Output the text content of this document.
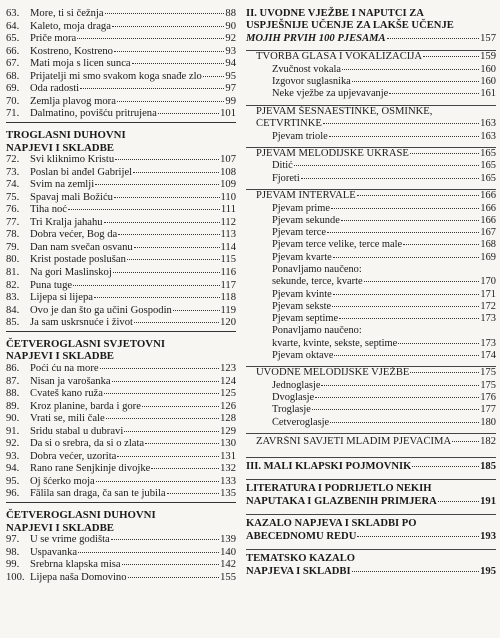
63.	More, ti si čežnja	88
64.	Kaleto, moja draga	90
65.	Priče mora	92
66.	Kostreno, Kostreno	93
67.	Mati moja s licen sunca	94
68.	Prijatelji mi smo svakom koga snađe zlo 95
69.	Oda radosti	97
70.	Zemlja plavog mora	99
71.	Dalmatino, povišću pritrujena	101
TROGLASNI DUHOVNI
NAPJEVI I SKLADBE
72.	Svi kliknimo Kristu	107
73.	Poslan bi anđel Gabrijel	108
74.	Svim na zemlji	109
75.	Spavaj mali Božiću	110
76.	Tiha noć	111
77.	Tri Kralja jahahu	112
78.	Dobra većer, Bog da	113
79.	Dan nam svečan osvanu	114
80.	Krist postade poslušan	115
81.	Na gori Maslinskoj	116
82.	Puna tuge	117
83.	Lijepa si lijepa	118
84.	Ovo je dan što ga učini Gospodin	119
85.	Ja sam uskrsnuće i život	120
ČETVEROGLASNI SVJETOVNI
NAPJEVI I SKLADBE
86.	Poći ću na more	123
87.	Nisan ja varošanka	124
88.	Cvateš kano ruža	125
89.	Kroz planine, barda i gore	126
90.	Vrati se, mili čale	128
91.	Sridu stabal u dubravi	129
92.	Da si o srebra, da si o zlata	130
93.	Dobra većer, uzorita	131
94.	Rano rane Senjkinje divojke	132
95.	Oj šćerko moja	133
96.	Fālila san draga, ča san te jubila	135
ČETVEROGLASNI DUHOVNI
NAPJEVI I SKLADBE
97.	U se vrime godišta	139
98.	Uspavanka	140
99.	Srebrna klapska misa	142
100. Lijepa naša Domovino	155
II. UVODNE VJEŽBE I NAPUTCI ZA
USPJEŠNIJE UČENJE ZA LAKŠE UČENJE
MOJIH PRVIH 100 PJESAMA	157
TVORBA GLASA I VOKALIZACIJA	159
Zvučnost vokala	160
Izgovor suglasnika	160
Neke vježbe za upjevavanje	161
PJEVAM ŠESNAESTINKE, OSMINKE,
ČETVRTINKE	163
Pjevam triole	163
PJEVAM MELODIJSKE UKRASE	165
Ditić	165
Fjoreti	165
PJEVAM INTERVALE	166
Pjevam prime	166
Pjevam sekunde	166
Pjevam terce	167
Pjevam terce velike, terce male	168
Pjevam kvarte	169
Ponavljamo naučeno:
sekunde, terce, kvarte	170
Pjevam kvinte	171
Pjevam sekste	172
Pjevam septime	173
Ponavljamo naučeno:
kvarte, kvinte, sekste, septime	173
Pjevam oktave	174
UVODNE MELODIJSKE VJEŽBE	175
Jednoglasje	175
Dvoglasje	176
Troglasje	177
Četveroglasje	180
ZAVRŠNI SAVJETI MLADIM PJEVAČIMA	182
III. MALI KLAPSKI POJMOVNIK	185
LITERATURA I PODRIJETLO NEKIH
NAPUTAKA I GLAZBENIH PRIMJERA	191
KAZALO NAPJEVA I SKLADBI PO
ABECEDNOMU REDU	193
TEMATSKO KAZALO
NAPJEVA I SKLADBI	195
